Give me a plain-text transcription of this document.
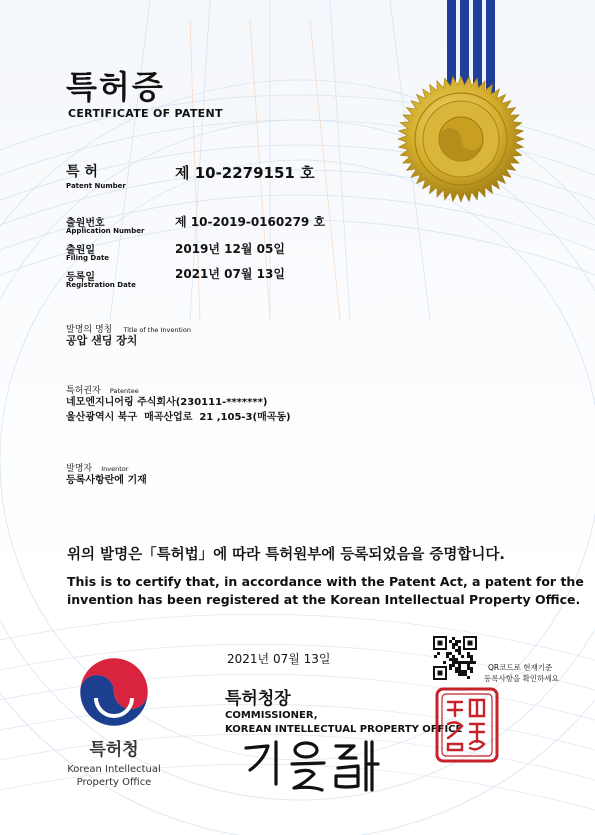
특허증
CERTIFICATE OF PATENT
특 허
Patent Number
제 10-2279151 호
출원번호
Application Number
제 10-2019-0160279 호
출원일
Filing Date
2019년 12월 05일
등록일
Registration Date
2021년 07월 13일
발명의 명칭 Title of the Invention
공압 샌딩 장치
특허권자 Patentee
네모엔지니어링 주식회사(230111-*******)
울산광역시 북구  매곡산업로  21 ,105-3(매곡동)
발명자 Inventor
등록사항란에 기재
위의 발명은「특허법」에 따라 특허원부에 등록되었음을 증명합니다.
This is to certify that, in accordance with the Patent Act, a patent for the
invention has been registered at the Korean Intellectual Property Office.
2021년 07월 13일
QR코드로 현재기준
등록사항을 확인하세요
특허청장
COMMISSIONER,
KOREAN INTELLECTUAL PROPERTY OFFICE
특허청
Korean Intellectual
Property Office
